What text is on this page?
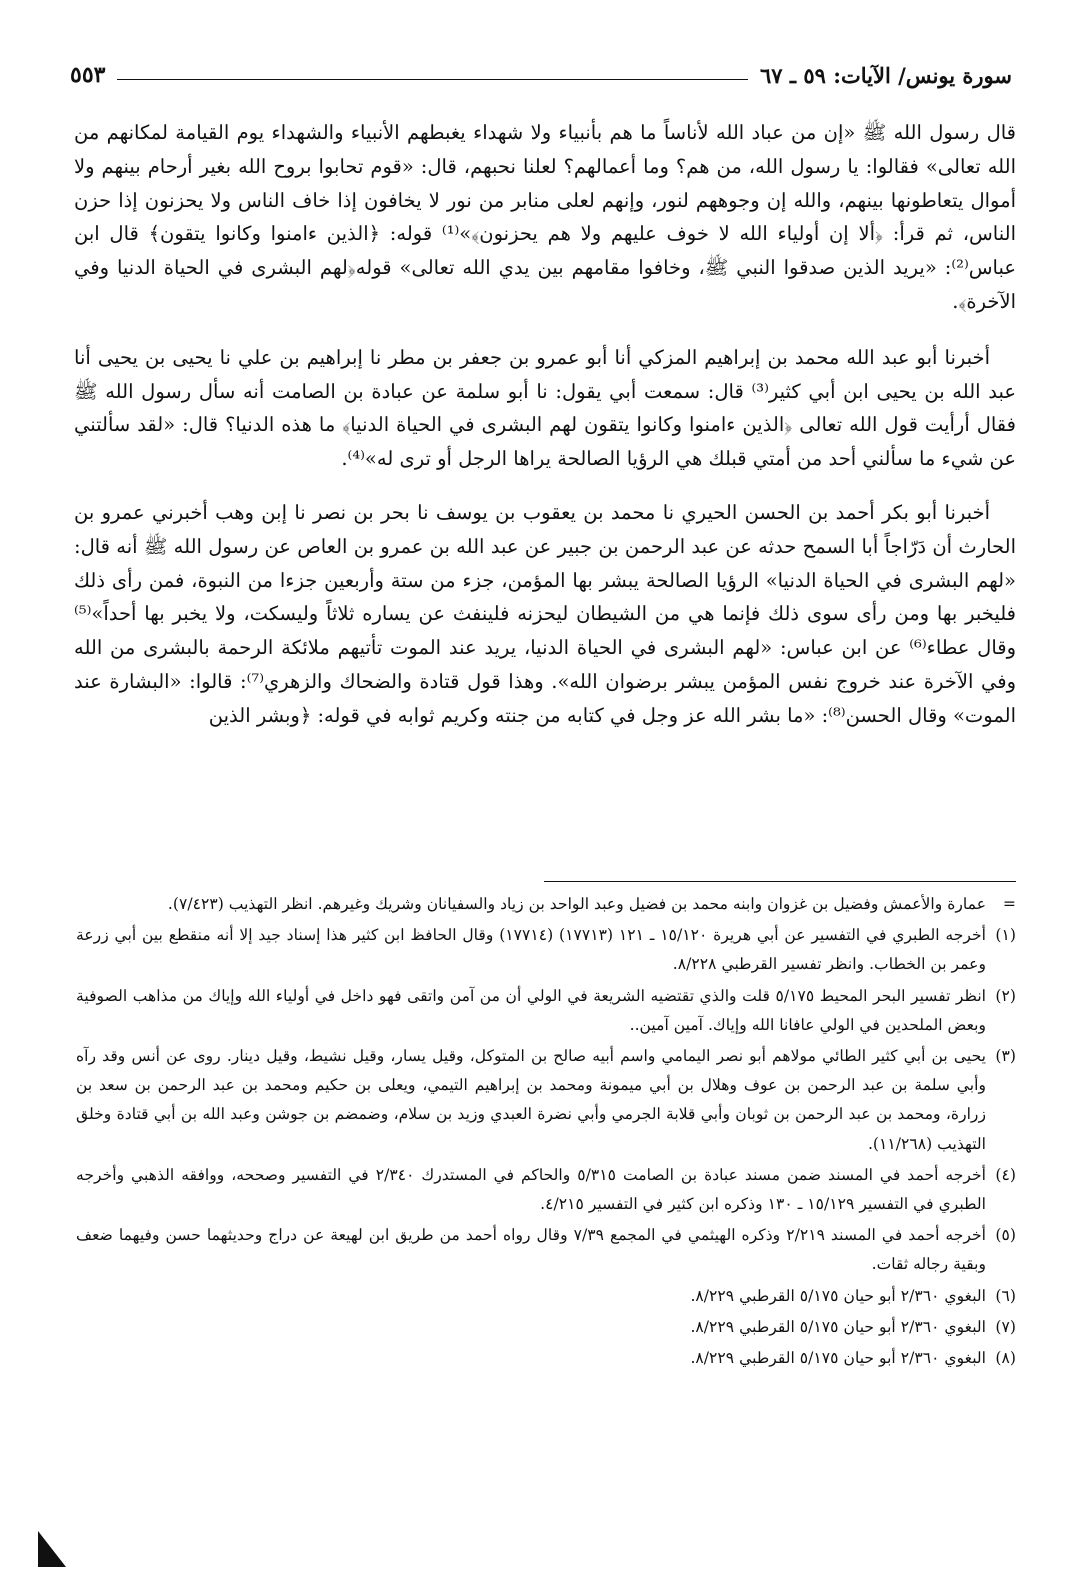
سورة يونس/ الآيات: ٥٩ ـ ٦٧
٥٥٣

قال رسول الله ﷺ «إن من عباد الله لأناساً ما هم بأنبياء ولا شهداء يغبطهم الأنبياء والشهداء يوم القيامة لمكانهم من الله تعالى» فقالوا: يا رسول الله، من هم؟ وما أعمالهم؟ لعلنا نحبهم، قال: «قوم تحابوا بروح الله بغير أرحام بينهم ولا أموال يتعاطونها بينهم، والله إن وجوههم لنور، وإنهم لعلى منابر من نور لا يخافون إذا خاف الناس ولا يحزنون إذا حزن الناس، ثم قرأ: ﴿ألا إن أولياء الله لا خوف عليهم ولا هم يحزنون﴾»⁽¹⁾ قوله: ﴿الذين ءامنوا وكانوا يتقون﴾ قال ابن عباس⁽²⁾: «يريد الذين صدقوا النبي ﷺ، وخافوا مقامهم بين يدي الله تعالى» قوله﴿لهم البشرى في الحياة الدنيا وفي الآخرة﴾.

أخبرنا أبو عبد الله محمد بن إبراهيم المزكي أنا أبو عمرو بن جعفر بن مطر نا إبراهيم بن علي نا يحيى بن يحيى أنا عبد الله بن يحيى ابن أبي كثير⁽³⁾ قال: سمعت أبي يقول: نا أبو سلمة عن عبادة بن الصامت أنه سأل رسول الله ﷺ فقال أرأيت قول الله تعالى ﴿الذين ءامنوا وكانوا يتقون لهم البشرى في الحياة الدنيا﴾ ما هذه الدنيا؟ قال: «لقد سألتني عن شيء ما سألني أحد من أمتي قبلك هي الرؤيا الصالحة يراها الرجل أو ترى له»⁽⁴⁾.

أخبرنا أبو بكر أحمد بن الحسن الحيري نا محمد بن يعقوب بن يوسف نا بحر بن نصر نا إبن وهب أخبرني عمرو بن الحارث أن دَرّاجاً أبا السمح حدثه عن عبد الرحمن بن جبير عن عبد الله بن عمرو بن العاص عن رسول الله ﷺ أنه قال: «لهم البشرى في الحياة الدنيا» الرؤيا الصالحة يبشر بها المؤمن، جزء من ستة وأربعين جزءا من النبوة، فمن رأى ذلك فليخبر بها ومن رأى سوى ذلك فإنما هي من الشيطان ليحزنه فلينفث عن يساره ثلاثاً وليسكت، ولا يخبر بها أحداً»⁽⁵⁾ وقال عطاء⁽⁶⁾ عن ابن عباس: «لهم البشرى في الحياة الدنيا، يريد عند الموت تأتيهم ملائكة الرحمة بالبشرى من الله وفي الآخرة عند خروج نفس المؤمن يبشر برضوان الله». وهذا قول قتادة والضحاك والزهري⁽⁷⁾: قالوا: «البشارة عند الموت» وقال الحسن⁽⁸⁾: «ما بشر الله عز وجل في كتابه من جنته وكريم ثوابه في قوله: ﴿وبشر الذين

=
عمارة والأعمش وفضيل بن غزوان وابنه محمد بن فضيل وعبد الواحد بن زياد والسفيانان وشريك وغيرهم. انظر التهذيب (٧/٤٢٣).
(١)
أخرجه الطبري في التفسير عن أبي هريرة ١٥/١٢٠ ـ ١٢١ (١٧٧١٣) (١٧٧١٤) وقال الحافظ ابن كثير هذا إسناد جيد إلا أنه منقطع بين أبي زرعة وعمر بن الخطاب. وانظر تفسير القرطبي ٨/٢٢٨.
(٢)
انظر تفسير البحر المحيط ٥/١٧٥ قلت والذي تقتضيه الشريعة في الولي أن من آمن واتقى فهو داخل في أولياء الله وإياك من مذاهب الصوفية وبعض الملحدين في الولي عافانا الله وإياك. آمين آمين..
(٣)
يحيى بن أبي كثير الطائي مولاهم أبو نصر اليمامي واسم أبيه صالح بن المتوكل، وقيل يسار، وقيل نشيط، وقيل دينار. روى عن أنس وقد رآه وأبي سلمة بن عبد الرحمن بن عوف وهلال بن أبي ميمونة ومحمد بن إبراهيم التيمي، ويعلى بن حكيم ومحمد بن عبد الرحمن بن سعد بن زرارة، ومحمد بن عبد الرحمن بن ثوبان وأبي قلابة الجرمي وأبي نضرة العبدي وزيد بن سلام، وضمضم بن جوشن وعبد الله بن أبي قتادة وخلق التهذيب (١١/٢٦٨).
(٤)
أخرجه أحمد في المسند ضمن مسند عبادة بن الصامت ٥/٣١٥ والحاكم في المستدرك ٢/٣٤٠ في التفسير وصححه، ووافقه الذهبي وأخرجه الطبري في التفسير ١٥/١٢٩ ـ ١٣٠ وذكره ابن كثير في التفسير ٤/٢١٥.
(٥)
أخرجه أحمد في المسند ٢/٢١٩ وذكره الهيثمي في المجمع ٧/٣٩ وقال رواه أحمد من طريق ابن لهيعة عن دراج وحديثهما حسن وفيهما ضعف وبقية رجاله ثقات.
(٦)
البغوي ٢/٣٦٠ أبو حيان ٥/١٧٥ القرطبي ٨/٢٢٩.
(٧)
البغوي ٢/٣٦٠ أبو حيان ٥/١٧٥ القرطبي ٨/٢٢٩.
(٨)
البغوي ٢/٣٦٠ أبو حيان ٥/١٧٥ القرطبي ٨/٢٢٩.
